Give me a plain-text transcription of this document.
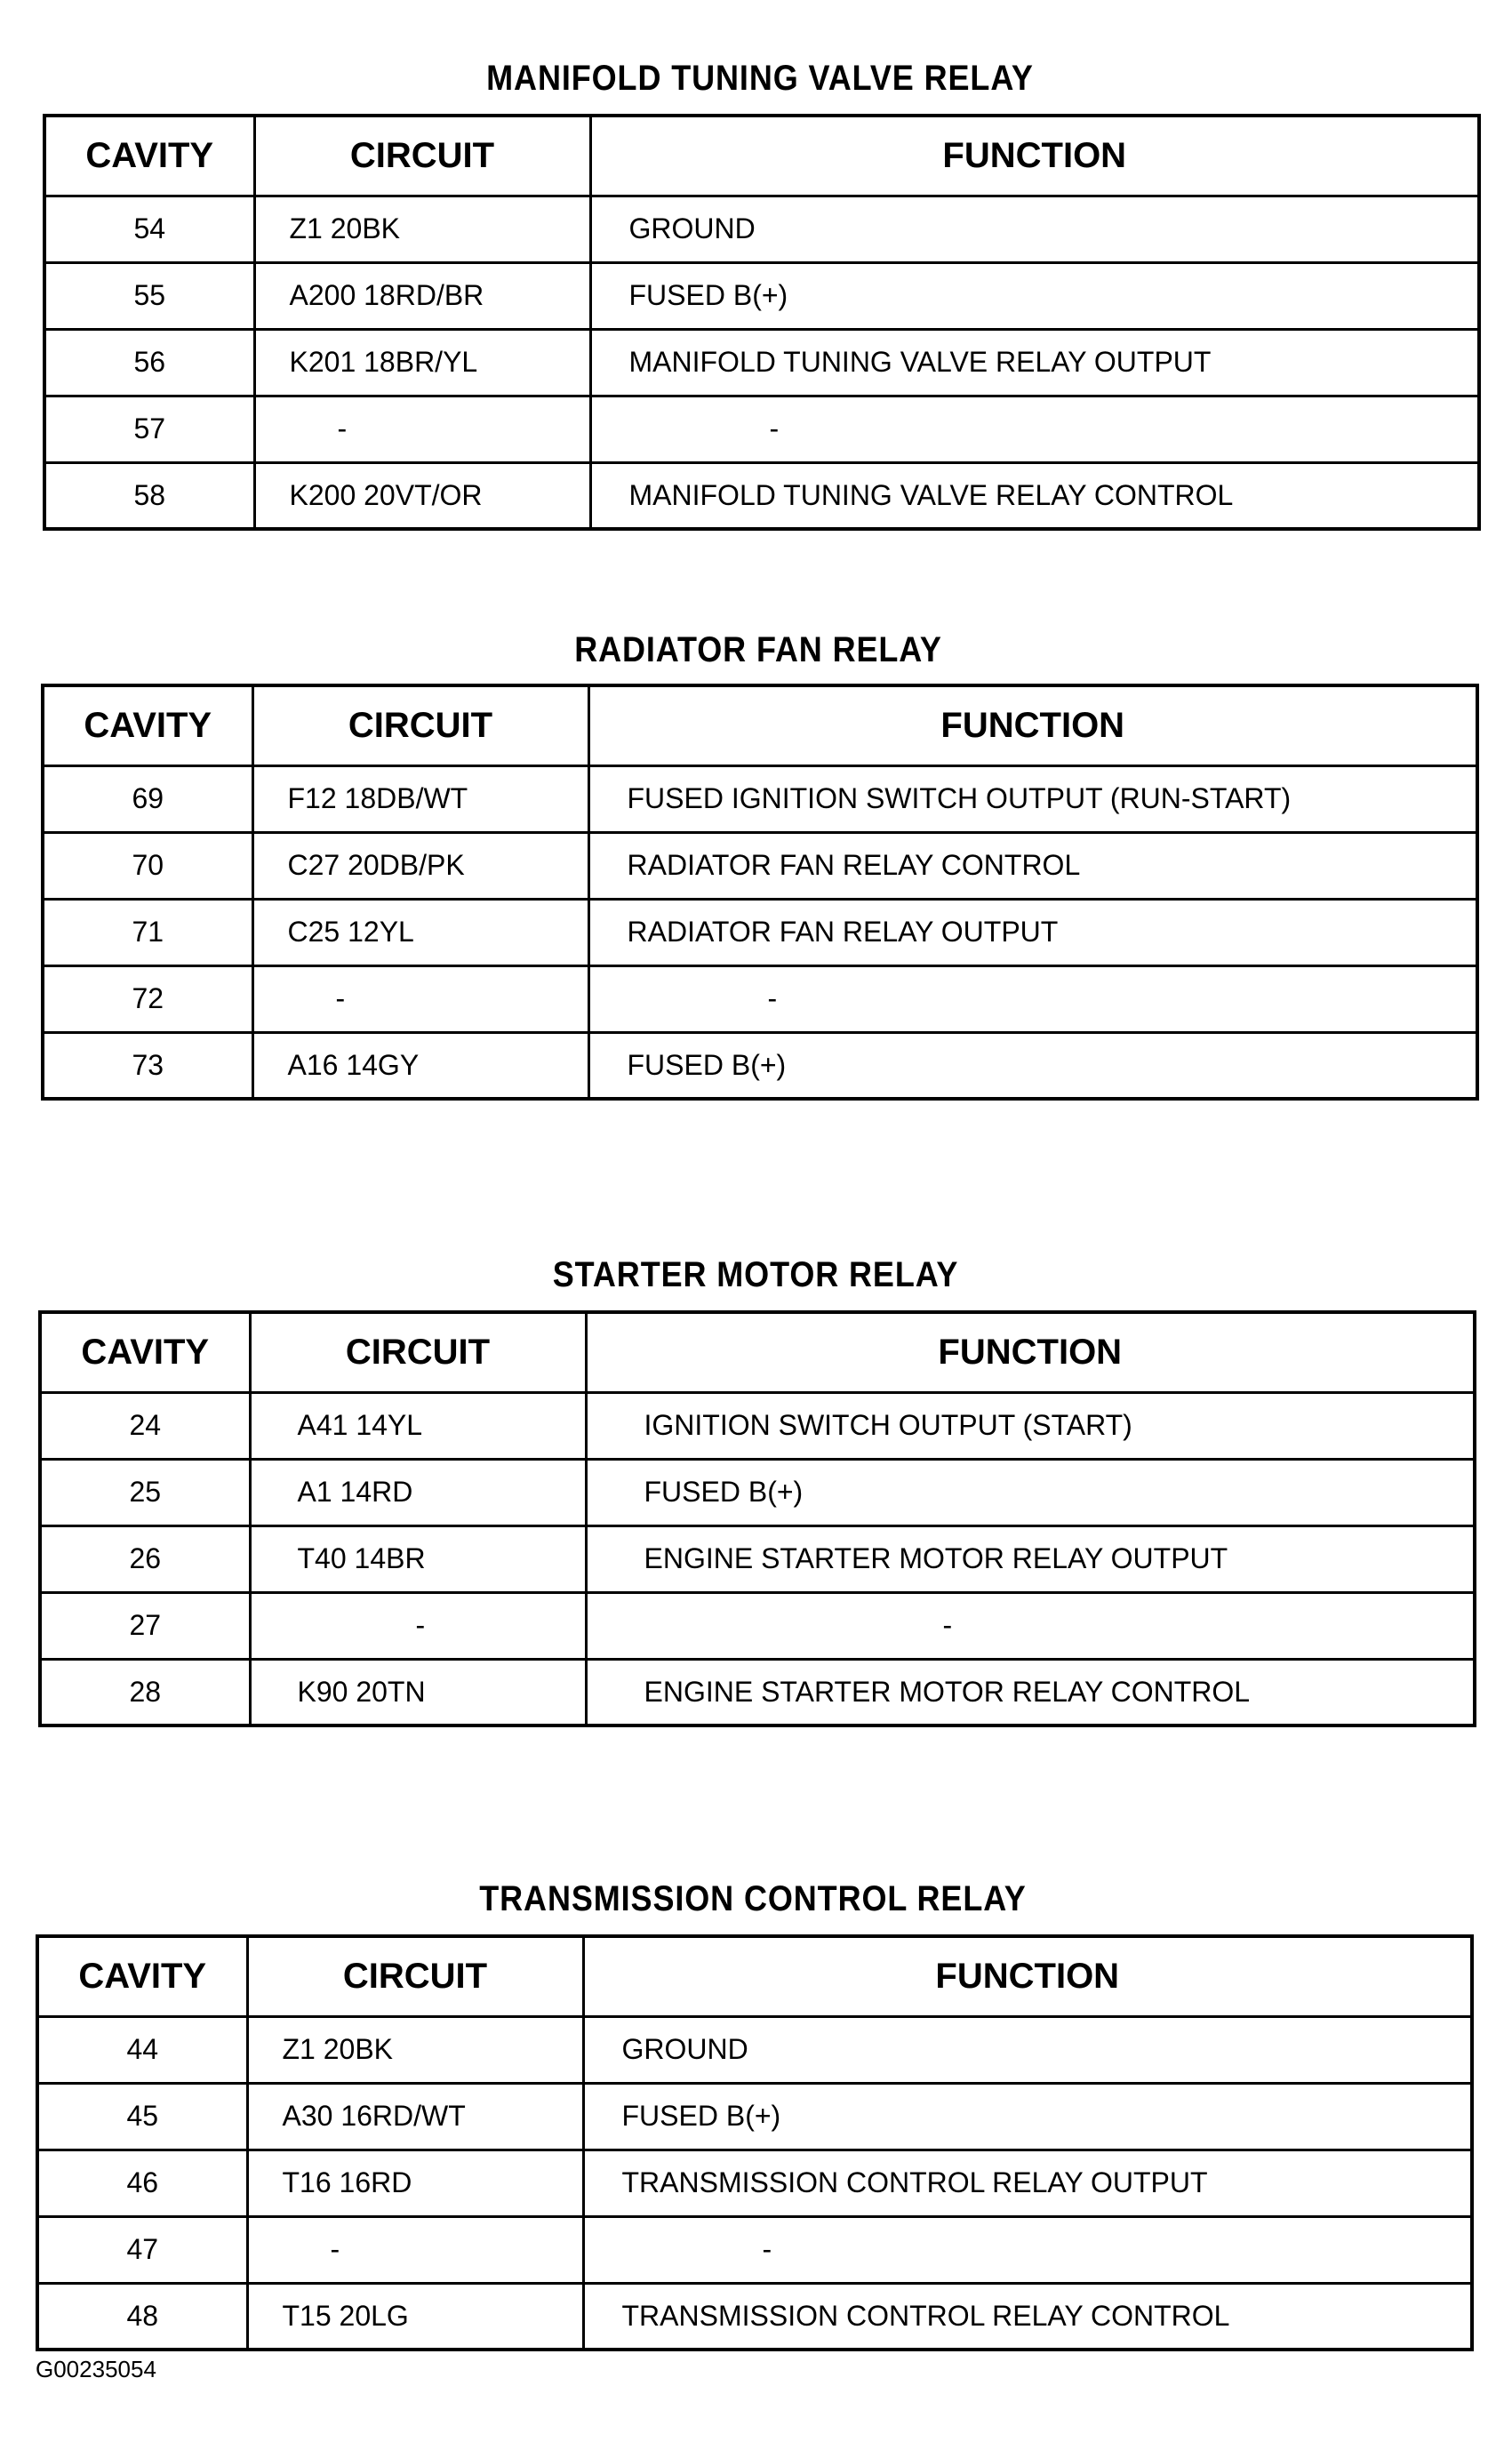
MANIFOLD TUNING VALVE RELAY
CAVITY	CIRCUIT	FUNCTION
54	Z1 20BK	GROUND
55	A200 18RD/BR	FUSED B(+)
56	K201 18BR/YL	MANIFOLD TUNING VALVE RELAY OUTPUT
57	-	-
58	K200 20VT/OR	MANIFOLD TUNING VALVE RELAY CONTROL
RADIATOR FAN RELAY
CAVITY	CIRCUIT	FUNCTION
69	F12 18DB/WT	FUSED IGNITION SWITCH OUTPUT (RUN-START)
70	C27 20DB/PK	RADIATOR FAN RELAY CONTROL
71	C25 12YL	RADIATOR FAN RELAY OUTPUT
72	-	-
73	A16 14GY	FUSED B(+)
STARTER MOTOR RELAY
CAVITY	CIRCUIT	FUNCTION
24	A41 14YL	IGNITION SWITCH OUTPUT (START)
25	A1 14RD	FUSED B(+)
26	T40 14BR	ENGINE STARTER MOTOR RELAY OUTPUT
27	-	-
28	K90 20TN	ENGINE STARTER MOTOR RELAY CONTROL
TRANSMISSION CONTROL RELAY
CAVITY	CIRCUIT	FUNCTION
44	Z1 20BK	GROUND
45	A30 16RD/WT	FUSED B(+)
46	T16 16RD	TRANSMISSION CONTROL RELAY OUTPUT
47	-	-
48	T15 20LG	TRANSMISSION CONTROL RELAY CONTROL
G00235054
